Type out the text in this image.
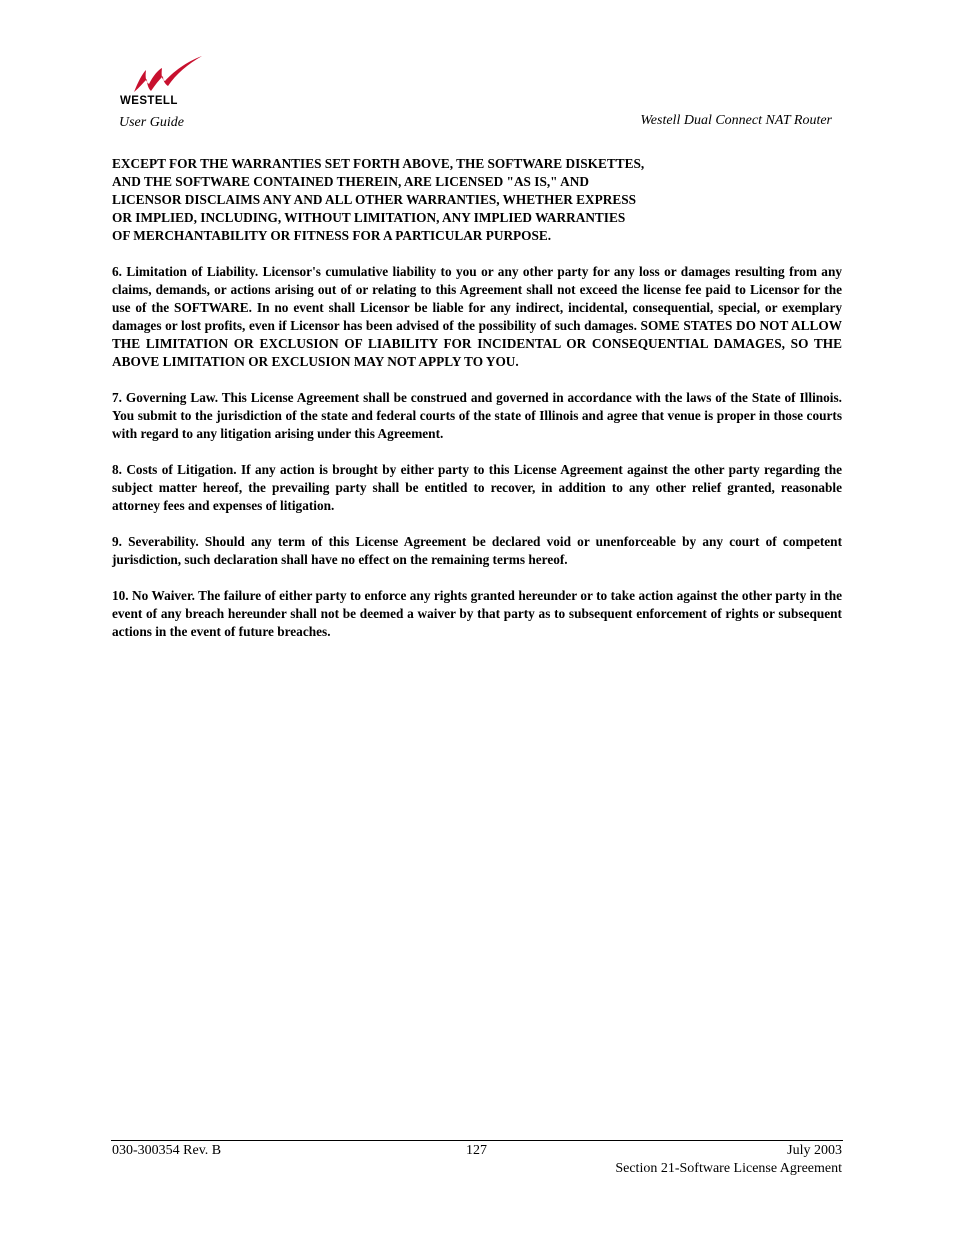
WESTELL
User Guide	Westell Dual Connect NAT Router
EXCEPT FOR THE WARRANTIES SET FORTH ABOVE, THE SOFTWARE DISKETTES,
AND THE SOFTWARE CONTAINED THEREIN, ARE LICENSED "AS IS," AND
LICENSOR DISCLAIMS ANY AND ALL OTHER WARRANTIES, WHETHER EXPRESS
OR IMPLIED, INCLUDING, WITHOUT LIMITATION, ANY IMPLIED WARRANTIES
OF MERCHANTABILITY OR FITNESS FOR A PARTICULAR PURPOSE.

6. Limitation of Liability. Licensor's cumulative liability to you or any other party for any loss or damages resulting from any claims, demands, or actions arising out of or relating to this Agreement shall not exceed the license fee paid to Licensor for the use of the SOFTWARE. In no event shall Licensor be liable for any indirect, incidental, consequential, special, or exemplary damages or lost profits, even if Licensor has been advised of the possibility of such damages. SOME STATES DO NOT ALLOW THE LIMITATION OR EXCLUSION OF LIABILITY FOR INCIDENTAL OR CONSEQUENTIAL DAMAGES, SO THE ABOVE LIMITATION OR EXCLUSION MAY NOT APPLY TO YOU.

7. Governing Law. This License Agreement shall be construed and governed in accordance with the laws of the State of Illinois. You submit to the jurisdiction of the state and federal courts of the state of Illinois and agree that venue is proper in those courts with regard to any litigation arising under this Agreement.

8. Costs of Litigation. If any action is brought by either party to this License Agreement against the other party regarding the subject matter hereof, the prevailing party shall be entitled to recover, in addition to any other relief granted, reasonable attorney fees and expenses of litigation.

9. Severability. Should any term of this License Agreement be declared void or unenforceable by any court of competent jurisdiction, such declaration shall have no effect on the remaining terms hereof.

10. No Waiver. The failure of either party to enforce any rights granted hereunder or to take action against the other party in the event of any breach hereunder shall not be deemed a waiver by that party as to subsequent enforcement of rights or subsequent actions in the event of future breaches.

030-300354 Rev. B	127	July 2003
Section 21-Software License Agreement
